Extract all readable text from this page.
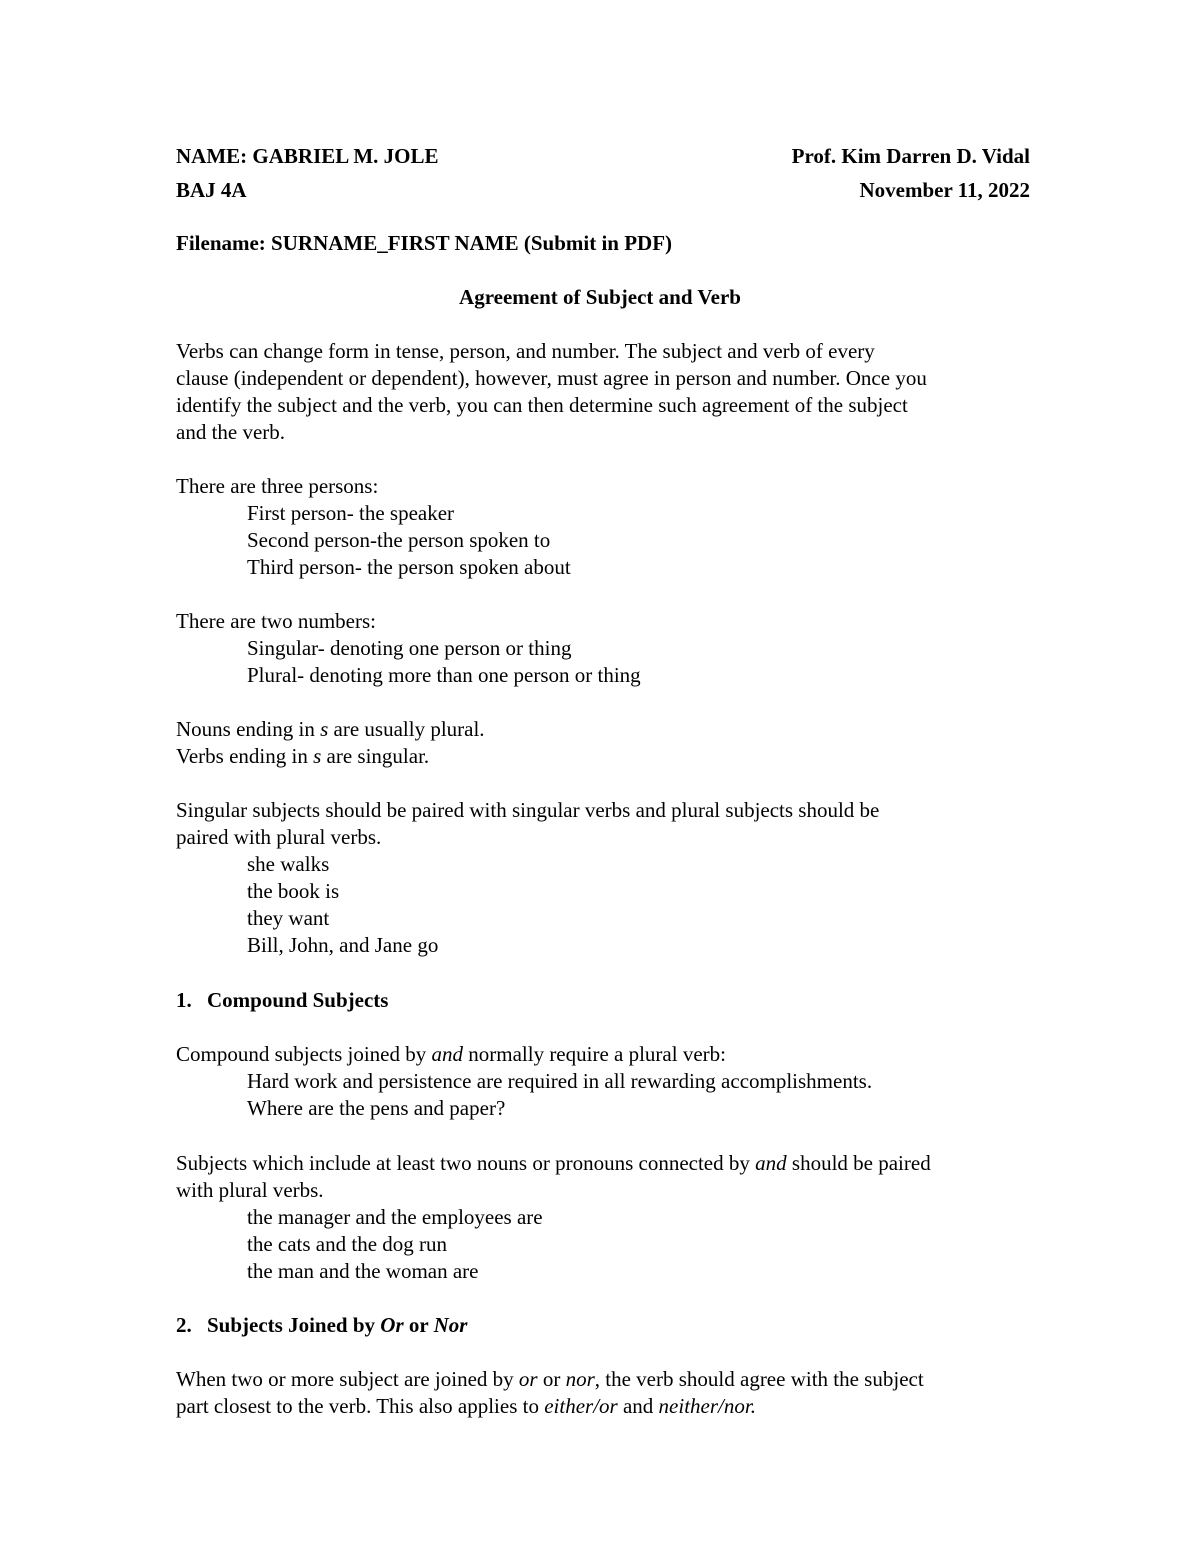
NAME: GABRIEL M. JOLE	Prof. Kim Darren D. Vidal
BAJ 4A	November 11, 2022
Filename: SURNAME_FIRST NAME (Submit in PDF)
Agreement of Subject and Verb
Verbs can change form in tense, person, and number. The subject and verb of every
clause (independent or dependent), however, must agree in person and number. Once you
identify the subject and the verb, you can then determine such agreement of the subject
and the verb.
There are three persons:
First person- the speaker
Second person-the person spoken to
Third person- the person spoken about
There are two numbers:
Singular- denoting one person or thing
Plural- denoting more than one person or thing
Nouns ending in s are usually plural.
Verbs ending in s are singular.
Singular subjects should be paired with singular verbs and plural subjects should be
paired with plural verbs.
she walks
the book is
they want
Bill, John, and Jane go
1. Compound Subjects
Compound subjects joined by and normally require a plural verb:
Hard work and persistence are required in all rewarding accomplishments.
Where are the pens and paper?
Subjects which include at least two nouns or pronouns connected by and should be paired
with plural verbs.
the manager and the employees are
the cats and the dog run
the man and the woman are
2. Subjects Joined by Or or Nor
When two or more subject are joined by or or nor, the verb should agree with the subject
part closest to the verb. This also applies to either/or and neither/nor.
